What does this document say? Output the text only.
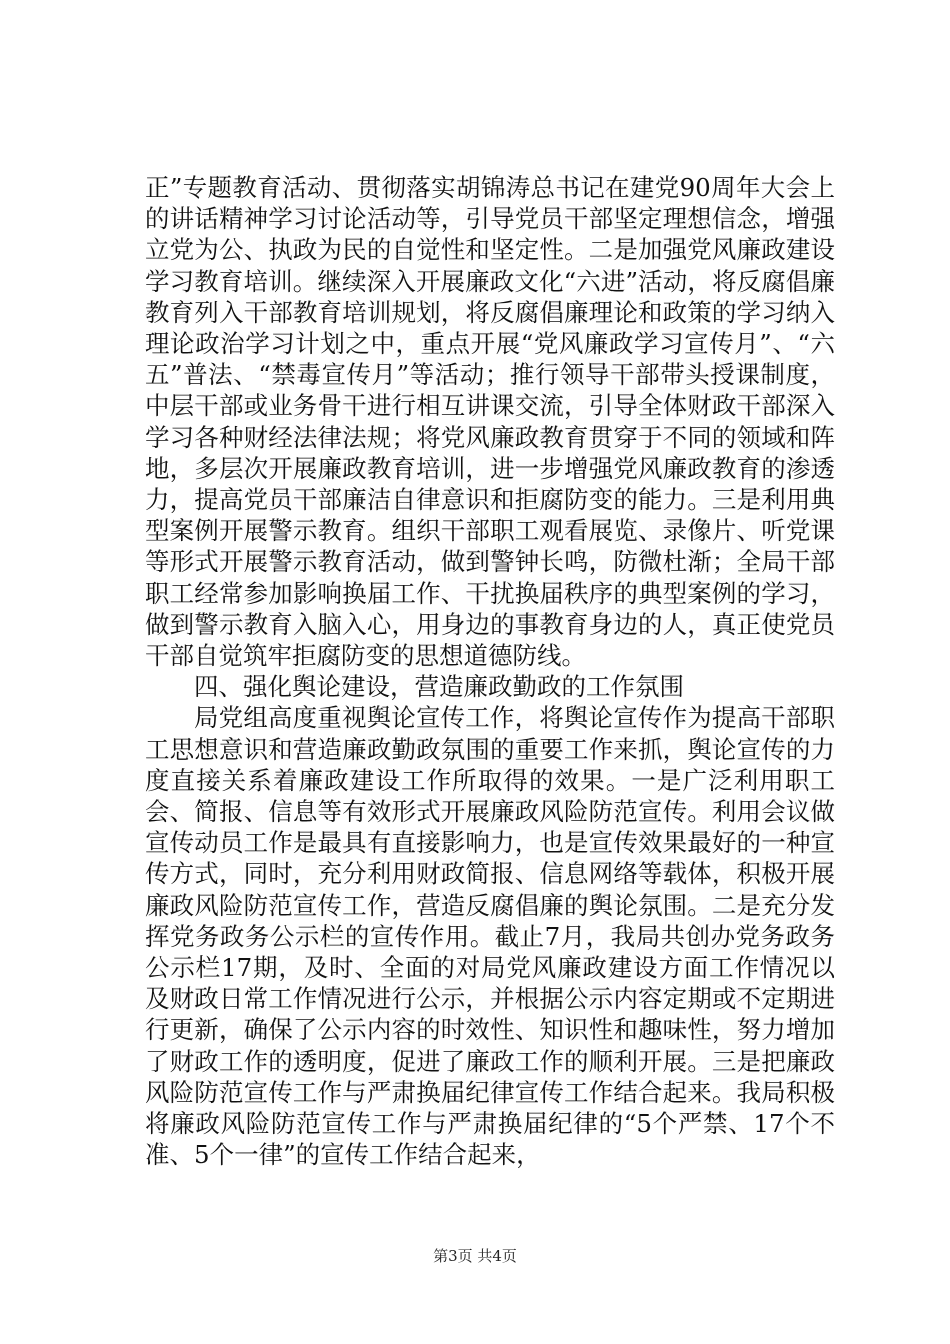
正”专题教育活动、贯彻落实胡锦涛总书记在建党90周年大会上的讲话精神学习讨论活动等，引导党员干部坚定理想信念，增强立党为公、执政为民的自觉性和坚定性。二是加强党风廉政建设学习教育培训。继续深入开展廉政文化“六进”活动，将反腐倡廉教育列入干部教育培训规划，将反腐倡廉理论和政策的学习纳入理论政治学习计划之中，重点开展“党风廉政学习宣传月”、“六五”普法、“禁毒宣传月”等活动；推行领导干部带头授课制度，中层干部或业务骨干进行相互讲课交流，引导全体财政干部深入学习各种财经法律法规；将党风廉政教育贯穿于不同的领域和阵地，多层次开展廉政教育培训，进一步增强党风廉政教育的渗透力，提高党员干部廉洁自律意识和拒腐防变的能力。三是利用典型案例开展警示教育。组织干部职工观看展览、录像片、听党课等形式开展警示教育活动，做到警钟长鸣，防微杜渐；全局干部职工经常参加影响换届工作、干扰换届秩序的典型案例的学习，做到警示教育入脑入心，用身边的事教育身边的人，真正使党员干部自觉筑牢拒腐防变的思想道德防线。

四、强化舆论建设，营造廉政勤政的工作氛围

局党组高度重视舆论宣传工作，将舆论宣传作为提高干部职工思想意识和营造廉政勤政氛围的重要工作来抓，舆论宣传的力度直接关系着廉政建设工作所取得的效果。一是广泛利用职工会、简报、信息等有效形式开展廉政风险防范宣传。利用会议做宣传动员工作是最具有直接影响力，也是宣传效果最好的一种宣传方式，同时，充分利用财政简报、信息网络等载体，积极开展廉政风险防范宣传工作，营造反腐倡廉的舆论氛围。二是充分发挥党务政务公示栏的宣传作用。截止7月，我局共创办党务政务公示栏17期，及时、全面的对局党风廉政建设方面工作情况以及财政日常工作情况进行公示，并根据公示内容定期或不定期进行更新，确保了公示内容的时效性、知识性和趣味性，努力增加了财政工作的透明度，促进了廉政工作的顺利开展。三是把廉政风险防范宣传工作与严肃换届纪律宣传工作结合起来。我局积极将廉政风险防范宣传工作与严肃换届纪律的“5个严禁、17个不准、5个一律”的宣传工作结合起来，

第3页 共4页
